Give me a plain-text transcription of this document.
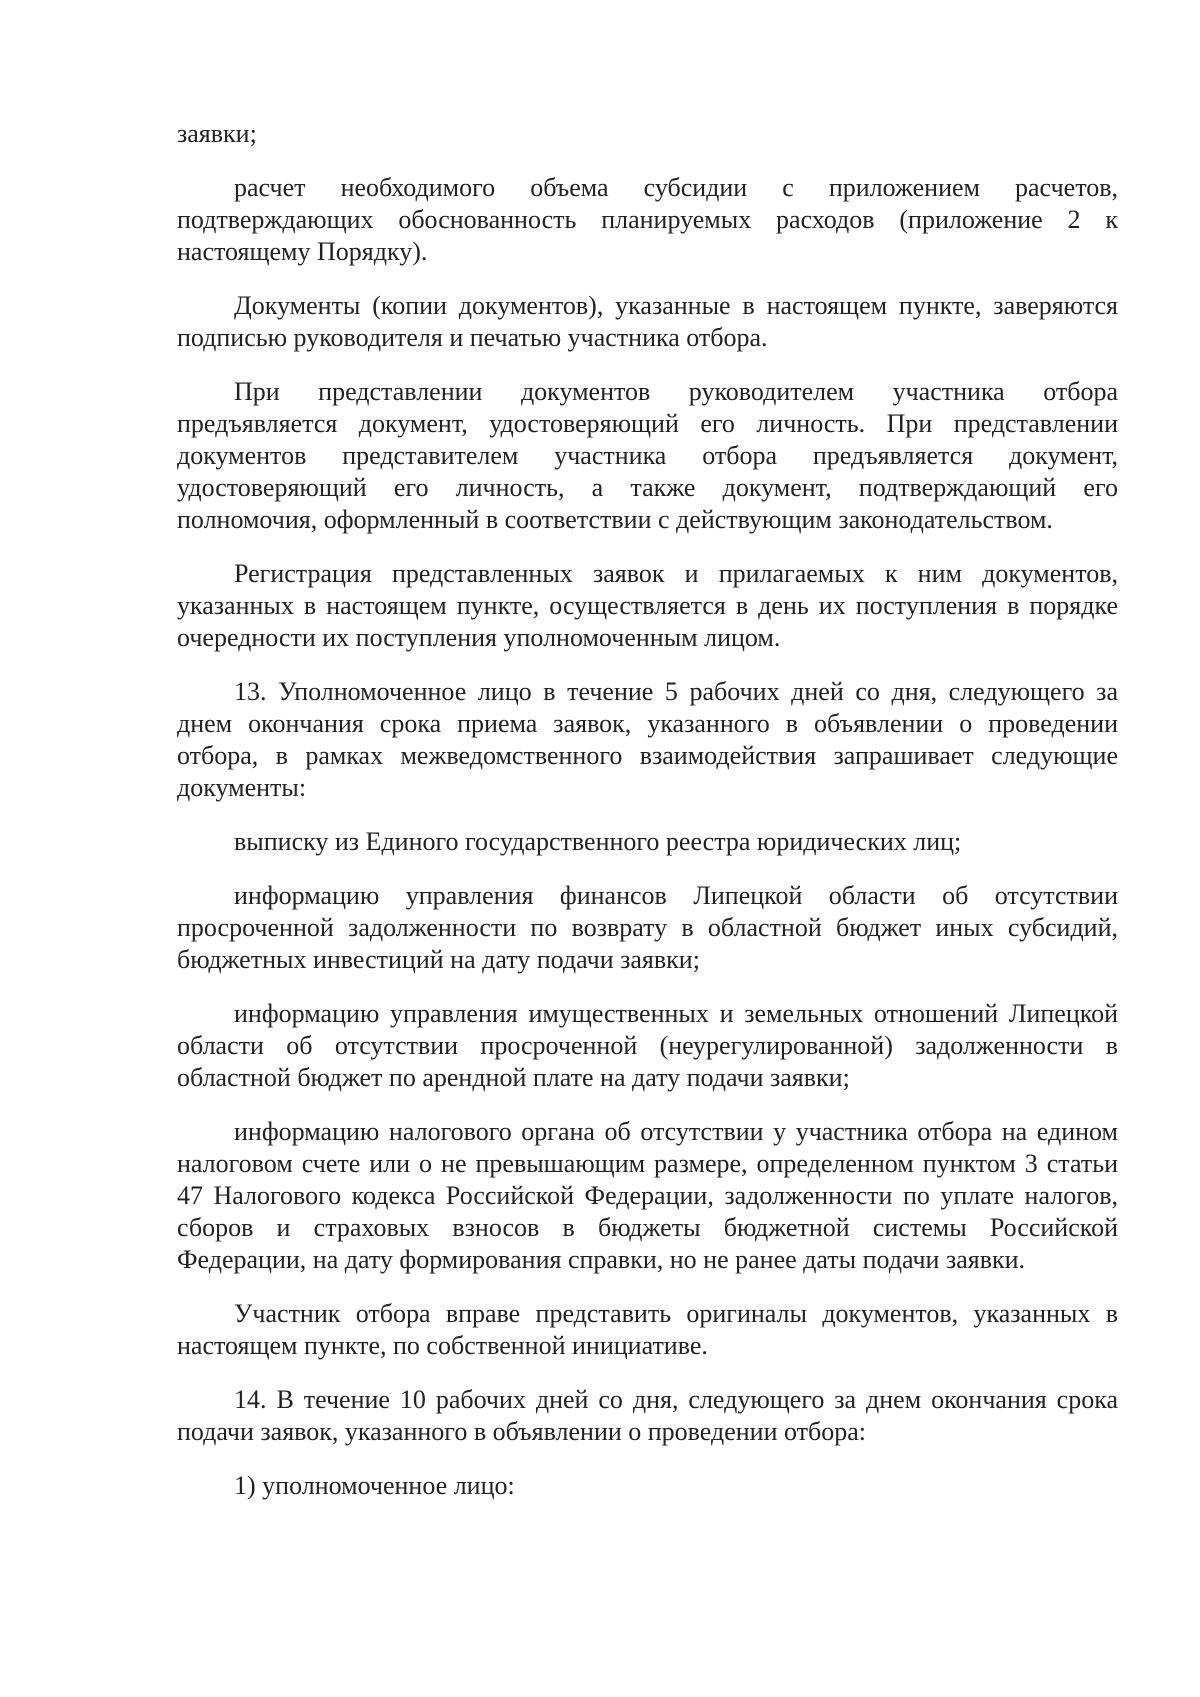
заявки;

расчет необходимого объема субсидии с приложением расчетов, подтверждающих обоснованность планируемых расходов (приложение 2 к настоящему Порядку).

Документы (копии документов), указанные в настоящем пункте, заверяются подписью руководителя и печатью участника отбора.

При представлении документов руководителем участника отбора предъявляется документ, удостоверяющий его личность. При представлении документов представителем участника отбора предъявляется документ, удостоверяющий его личность, а также документ, подтверждающий его полномочия, оформленный в соответствии с действующим законодательством.

Регистрация представленных заявок и прилагаемых к ним документов, указанных в настоящем пункте, осуществляется в день их поступления в порядке очередности их поступления уполномоченным лицом.

13. Уполномоченное лицо в течение 5 рабочих дней со дня, следующего за днем окончания срока приема заявок, указанного в объявлении о проведении отбора, в рамках межведомственного взаимодействия запрашивает следующие документы:

выписку из Единого государственного реестра юридических лиц;

информацию управления финансов Липецкой области об отсутствии просроченной задолженности по возврату в областной бюджет иных субсидий, бюджетных инвестиций на дату подачи заявки;

информацию управления имущественных и земельных отношений Липецкой области об отсутствии просроченной (неурегулированной) задолженности в областной бюджет по арендной плате на дату подачи заявки;

информацию налогового органа об отсутствии у участника отбора на едином налоговом счете или о не превышающим размере, определенном пунктом 3 статьи 47 Налогового кодекса Российской Федерации, задолженности по уплате налогов, сборов и страховых взносов в бюджеты бюджетной системы Российской Федерации, на дату формирования справки, но не ранее даты подачи заявки.

Участник отбора вправе представить оригиналы документов, указанных в настоящем пункте, по собственной инициативе.

14. В течение 10 рабочих дней со дня, следующего за днем окончания срока подачи заявок, указанного в объявлении о проведении отбора:

1) уполномоченное лицо:
